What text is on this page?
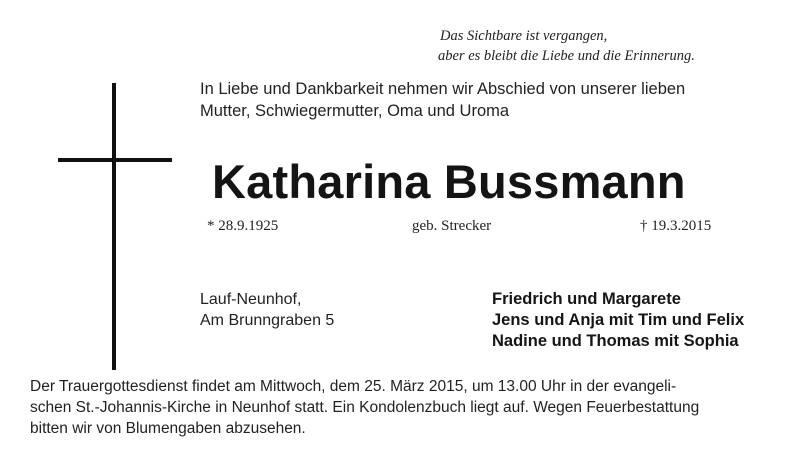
Das Sichtbare ist vergangen,
aber es bleibt die Liebe und die Erinnerung.
In Liebe und Dankbarkeit nehmen wir Abschied von unserer lieben
Mutter, Schwiegermutter, Oma und Uroma
Katharina Bussmann
* 28.9.1925	geb. Strecker	† 19.3.2015
Lauf-Neunhof,
Am Brunngraben 5
Friedrich und Margarete
Jens und Anja mit Tim und Felix
Nadine und Thomas mit Sophia
Der Trauergottesdienst findet am Mittwoch, dem 25. März 2015, um 13.00 Uhr in der evangeli-
schen St.-Johannis-Kirche in Neunhof statt. Ein Kondolenzbuch liegt auf. Wegen Feuerbestattung
bitten wir von Blumengaben abzusehen.
